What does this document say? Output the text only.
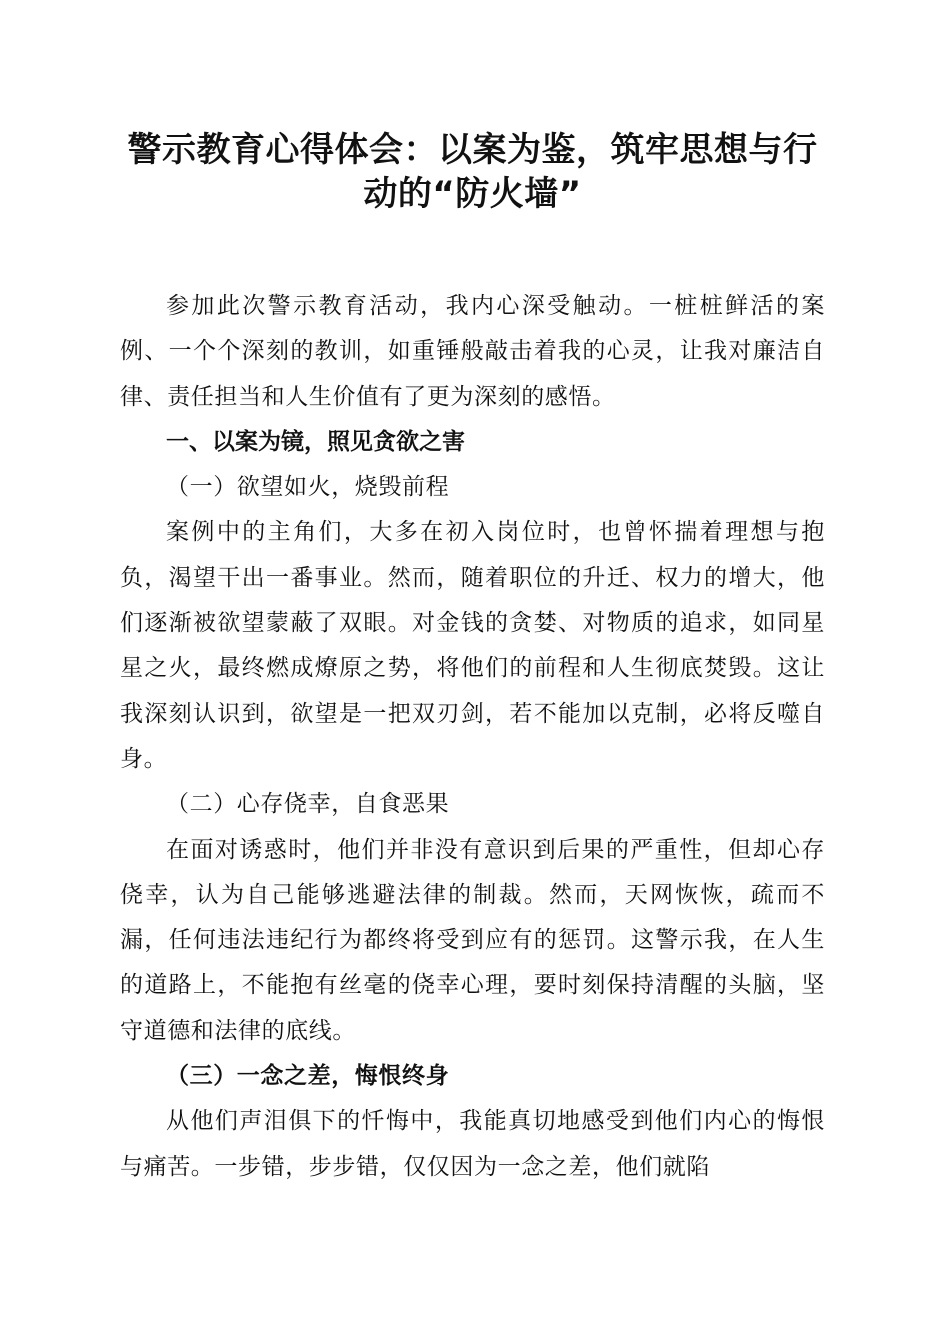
警示教育心得体会：以案为鉴，筑牢思想与行
动的“防火墙”

参加此次警示教育活动，我内心深受触动。一桩桩鲜活的案例、一个个深刻的教训，如重锤般敲击着我的心灵，让我对廉洁自律、责任担当和人生价值有了更为深刻的感悟。

一、以案为镜，照见贪欲之害

（一）欲望如火，烧毁前程

案例中的主角们，大多在初入岗位时，也曾怀揣着理想与抱负，渴望干出一番事业。然而，随着职位的升迁、权力的增大，他们逐渐被欲望蒙蔽了双眼。对金钱的贪婪、对物质的追求，如同星星之火，最终燃成燎原之势，将他们的前程和人生彻底焚毁。这让我深刻认识到，欲望是一把双刃剑，若不能加以克制，必将反噬自身。

（二）心存侥幸，自食恶果

在面对诱惑时，他们并非没有意识到后果的严重性，但却心存侥幸，认为自己能够逃避法律的制裁。然而，天网恢恢，疏而不漏，任何违法违纪行为都终将受到应有的惩罚。这警示我，在人生的道路上，不能抱有丝毫的侥幸心理，要时刻保持清醒的头脑，坚守道德和法律的底线。

（三）一念之差，悔恨终身

从他们声泪俱下的忏悔中，我能真切地感受到他们内心的悔恨与痛苦。一步错，步步错，仅仅因为一念之差，他们就陷
